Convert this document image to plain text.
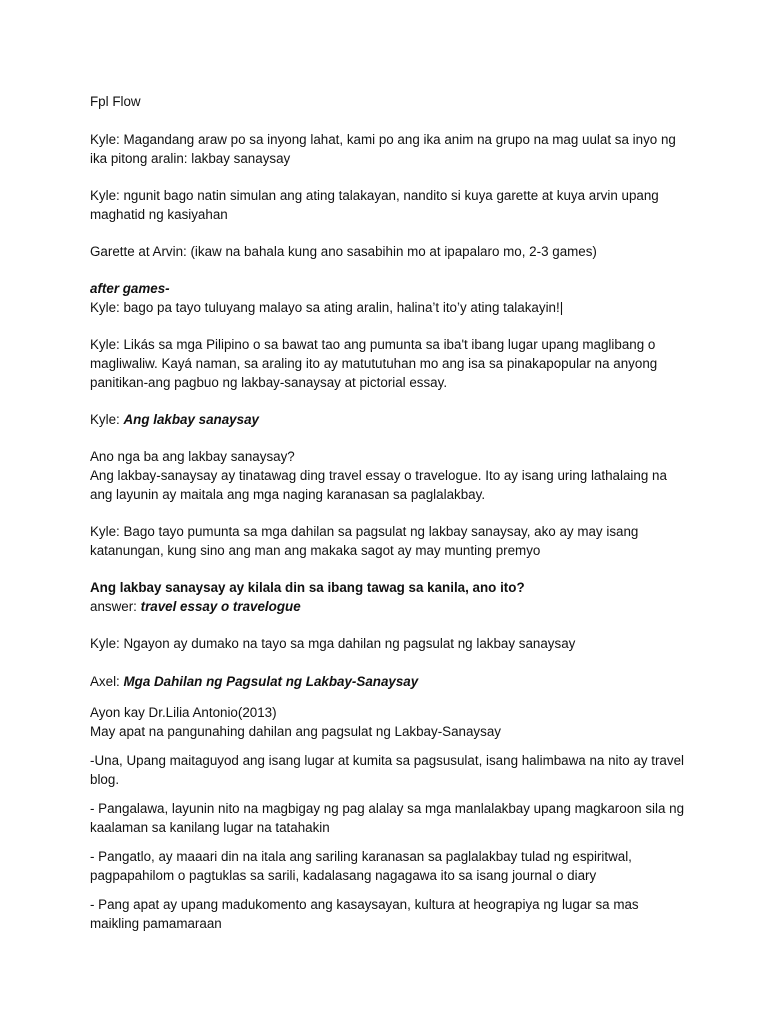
Fpl Flow

Kyle: Magandang araw po sa inyong lahat, kami po ang ika anim na grupo na mag uulat sa inyo ng ika pitong aralin: lakbay sanaysay

Kyle: ngunit bago natin simulan ang ating talakayan, nandito si kuya garette at kuya arvin upang maghatid ng kasiyahan

Garette at Arvin: (ikaw na bahala kung ano sasabihin mo at ipapalaro mo, 2-3 games)

after games-

Kyle: bago pa tayo tuluyang malayo sa ating aralin, halina’t ito’y ating talakayin!|

Kyle: Likás sa mga Pilipino o sa bawat tao ang pumunta sa iba't ibang lugar upang maglibang o magliwaliw. Kayá naman, sa araling ito ay matututuhan mo ang isa sa pinakapopular na anyong panitikan-ang pagbuo ng lakbay-sanaysay at pictorial essay.

Kyle: Ang lakbay sanaysay

Ano nga ba ang lakbay sanaysay?

Ang lakbay-sanaysay ay tinatawag ding travel essay o travelogue. Ito ay isang uring lathalaing na ang layunin ay maitala ang mga naging karanasan sa paglalakbay.

Kyle: Bago tayo pumunta sa mga dahilan sa pagsulat ng lakbay sanaysay, ako ay may isang katanungan, kung sino ang man ang makaka sagot ay may munting premyo

Ang lakbay sanaysay ay kilala din sa ibang tawag sa kanila, ano ito?

answer: travel essay o travelogue

Kyle: Ngayon ay dumako na tayo sa mga dahilan ng pagsulat ng lakbay sanaysay

Axel: Mga Dahilan ng Pagsulat ng Lakbay-Sanaysay

Ayon kay Dr.Lilia Antonio(2013)

May apat na pangunahing dahilan ang pagsulat ng Lakbay-Sanaysay

-Una, Upang maitaguyod ang isang lugar at kumita sa pagsusulat, isang halimbawa na nito ay travel blog.

- Pangalawa, layunin nito na magbigay ng pag alalay sa mga manlalakbay upang magkaroon sila ng kaalaman sa kanilang lugar na tatahakin

- Pangatlo, ay maaari din na itala ang sariling karanasan sa paglalakbay tulad ng espiritwal, pagpapahilom o pagtuklas sa sarili, kadalasang nagagawa ito sa isang journal o diary

- Pang apat ay upang madukomento ang kasaysayan, kultura at heograpiya ng lugar sa mas maikling pamamaraan
